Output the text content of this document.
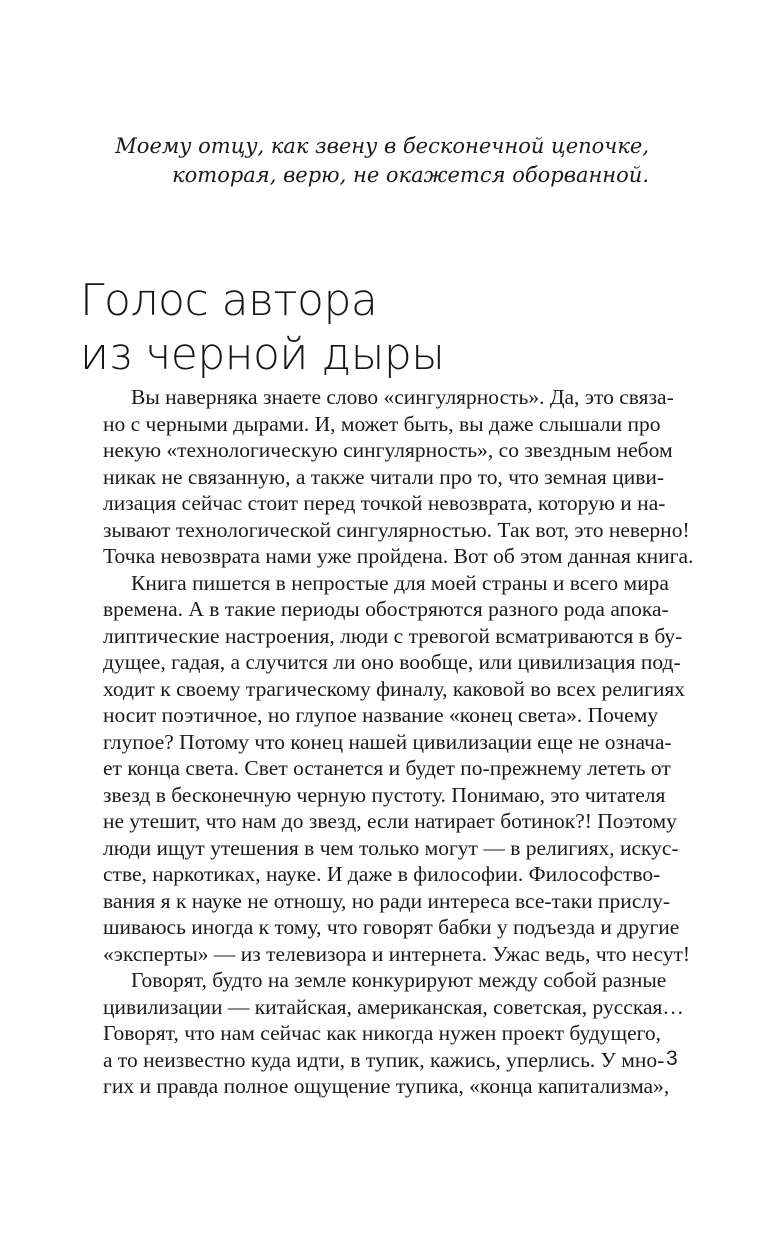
Моему отцу, как звену в бесконечной цепочке,
которая, верю, не окажется оборванной.
Голос автора
из черной дыры
Вы наверняка знаете слово «сингулярность». Да, это связа-
но с черными дырами. И, может быть, вы даже слышали про
некую «технологическую сингулярность», со звездным небом
никак не связанную, а также читали про то, что земная циви-
лизация сейчас стоит перед точкой невозврата, которую и на-
зывают технологической сингулярностью. Так вот, это неверно!
Точка невозврата нами уже пройдена. Вот об этом данная книга.
Книга пишется в непростые для моей страны и всего мира
времена. А в такие периоды обостряются разного рода апока-
липтические настроения, люди с тревогой всматриваются в бу-
дущее, гадая, а случится ли оно вообще, или цивилизация под-
ходит к своему трагическому финалу, каковой во всех религиях
носит поэтичное, но глупое название «конец света». Почему
глупое? Потому что конец нашей цивилизации еще не означа-
ет конца света. Свет останется и будет по-прежнему лететь от
звезд в бесконечную черную пустоту. Понимаю, это читателя
не утешит, что нам до звезд, если натирает ботинок?! Поэтому
люди ищут утешения в чем только могут — в религиях, искус-
стве, наркотиках, науке. И даже в философии. Философство-
вания я к науке не отношу, но ради интереса все-таки прислу-
шиваюсь иногда к тому, что говорят бабки у подъезда и другие
«эксперты» — из телевизора и интернета. Ужас ведь, что несут!
Говорят, будто на земле конкурируют между собой разные
цивилизации — китайская, американская, советская, русская…
Говорят, что нам сейчас как никогда нужен проект будущего,
а то неизвестно куда идти, в тупик, кажись, уперлись. У мно-
гих и правда полное ощущение тупика, «конца капитализма»,
3
